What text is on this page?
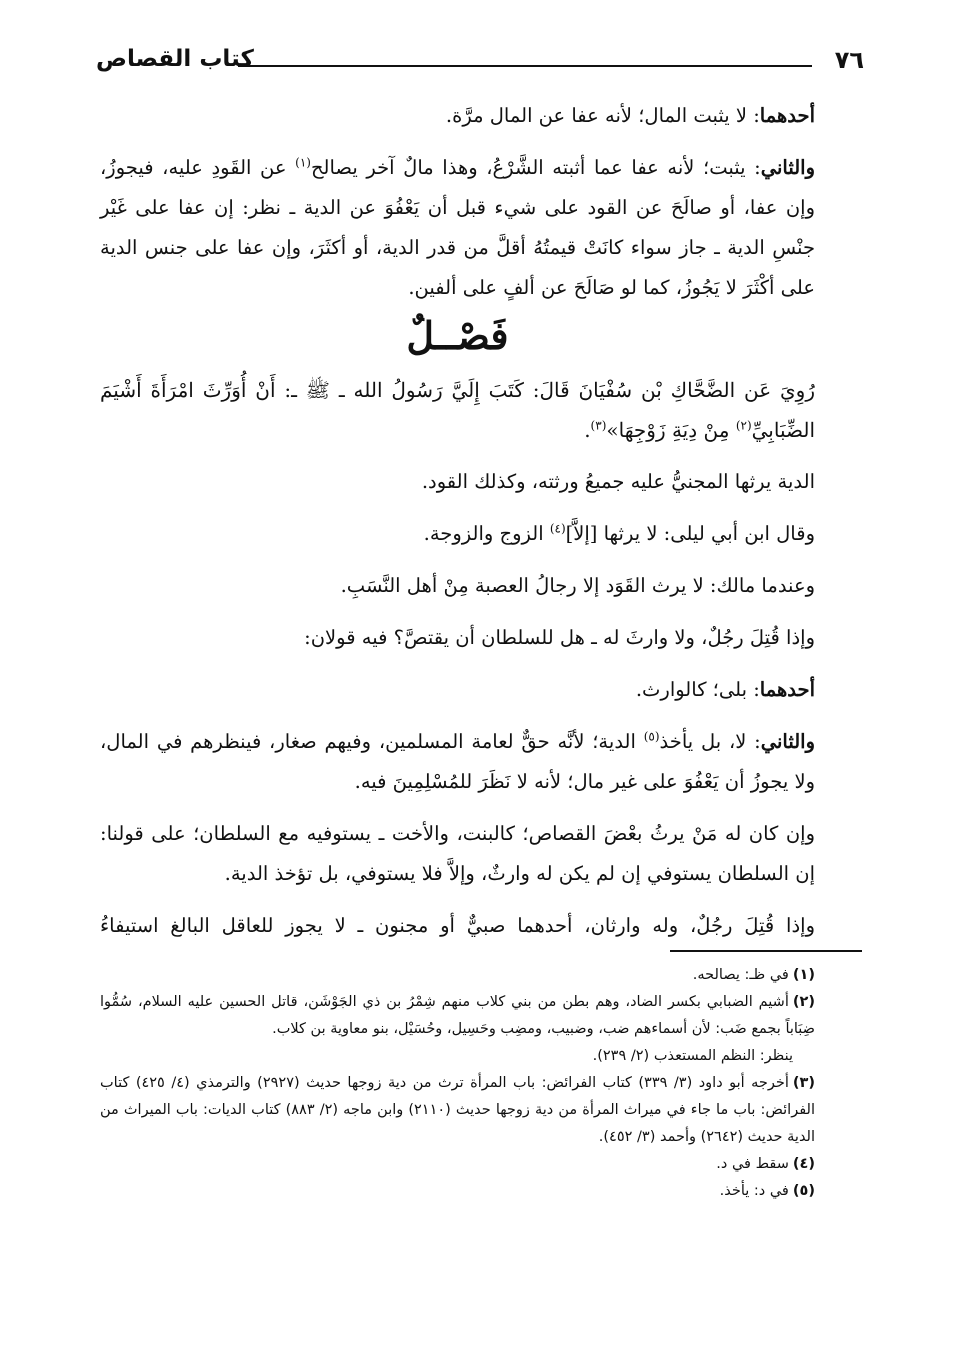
٧٦
كتاب القصاص

أحدهما: لا يثبت المال؛ لأنه عفا عن المال مرَّة.

والثاني: يثبت؛ لأنه عفا عما أثبته الشَّرْعُ، وهذا مالٌ آخر يصالح$^{(١)}$ عن القَودِ عليه، فيجوزُ، وإن عفا، أو صالَحَ عن القود على شيء قبل أن يَعْفُوَ عن الدية ـ نظر: إن عفا على غَيْر جنْسِ الدية ـ جاز سواء كانَتْ قيمتُهُ أقلَّ من قدر الدية، أو أكثَرَ، وإن عفا على جنس الدية على أكْثَرَ لا يَجُوزُ، كما لو صَالَحَ عن ألفٍ على ألفين.

فَصْــلٌ

رُوِيَ عَن الضَّحَّاكِ بْن سُفْيَانَ قَالَ: كَتَبَ إِلَيَّ رَسُولُ الله ـ ﷺ ـ: أَنْ أُوَرِّثَ امْرَأَةَ أَشْيَمَ الضِّبَابِيِّ$^{(٢)}$ مِنْ دِيَةِ زَوْجِهَا»$^{(٣)}$.

الدية يرثها المجنيُّ عليه جميعُ ورثته، وكذلك القود.

وقال ابن أبي ليلى: لا يرثها [إلاَّ]$^{(٤)}$ الزوج والزوجة.

وعندما مالك: لا يرث القَوَد إلا رجالُ العصبة مِنْ أهل النَّسَبِ.

وإذا قُتِلَ رجُلٌ، ولا وارثَ له ـ هل للسلطان أن يقتصَّ؟ فيه قولان:

أحدهما: بلى؛ كالوارث.

والثاني: لا، بل يأخذ$^{(٥)}$ الدية؛ لأنَّه حقٌّ لعامة المسلمين، وفيهم صغار، فينظرهم في المال، ولا يجوزُ أن يَعْفُوَ على غير مال؛ لأنه لا نَظَرَ للمُسْلِمِينَ فيه.

وإن كان له مَنْ يرثُ بعْضَ القصاص؛ كالبنت، والأخت ـ يستوفيه مع السلطان؛ على قولنا: إن السلطان يستوفي إن لم يكن له وارثٌ، وإلاَّ فلا يستوفي، بل تؤخذ الدية.

وإذا قُتِلَ رجُلٌ، وله وارثان، أحدهما صبيٌّ أو مجنون ـ لا يجوز للعاقل البالغ استيفاءُ

(١)في ظـ: يصالحه.

(٢)أشيم الضبابي بكسر الضاد، وهم بطن من بني كلاب منهم شِمْرُ بن ذي الجَوْشَن، قاتل الحسين عليه السلام، سُمُّوا ضِبَاباً بجمع ضَب: لأن أسماءهم ضب، وضبيب، ومضِب وحَسِيل، وحُسَيْل، بنو معاوية بن كلاب.

ينظر: النظم المستعذب (٢/ ٢٣٩).

(٣)أخرجه أبو داود (٣/ ٣٣٩) كتاب الفرائض: باب المرأة ترث من دية زوجها حديث (٢٩٢٧) والترمذي (٤/ ٤٢٥) كتاب الفرائض: باب ما جاء في ميراث المرأة من دية زوجها حديث (٢١١٠) وابن ماجه (٢/ ٨٨٣) كتاب الديات: باب الميراث من الدية حديث (٢٦٤٢) وأحمد (٣/ ٤٥٢).

(٤)سقط في د.

(٥)في د: يأخذ.
